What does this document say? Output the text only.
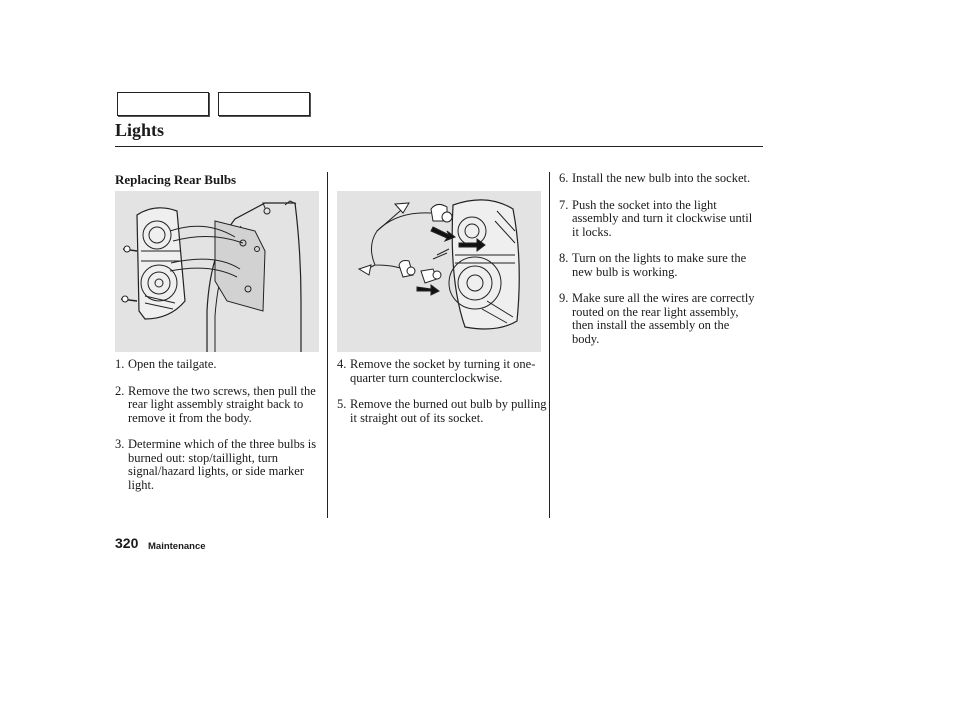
Lights
Replacing Rear Bulbs
1. Open the tailgate.
2. Remove the two screws, then pull the rear light assembly straight back to remove it from the body.
3. Determine which of the three bulbs is burned out: stop/taillight, turn signal/hazard lights, or side marker light.
4. Remove the socket by turning it one-quarter turn counterclockwise.
5. Remove the burned out bulb by pulling it straight out of its socket.
6. Install the new bulb into the socket.
7. Push the socket into the light assembly and turn it clockwise until it locks.
8. Turn on the lights to make sure the new bulb is working.
9. Make sure all the wires are correctly routed on the rear light assembly, then install the assembly on the body.
320 Maintenance
